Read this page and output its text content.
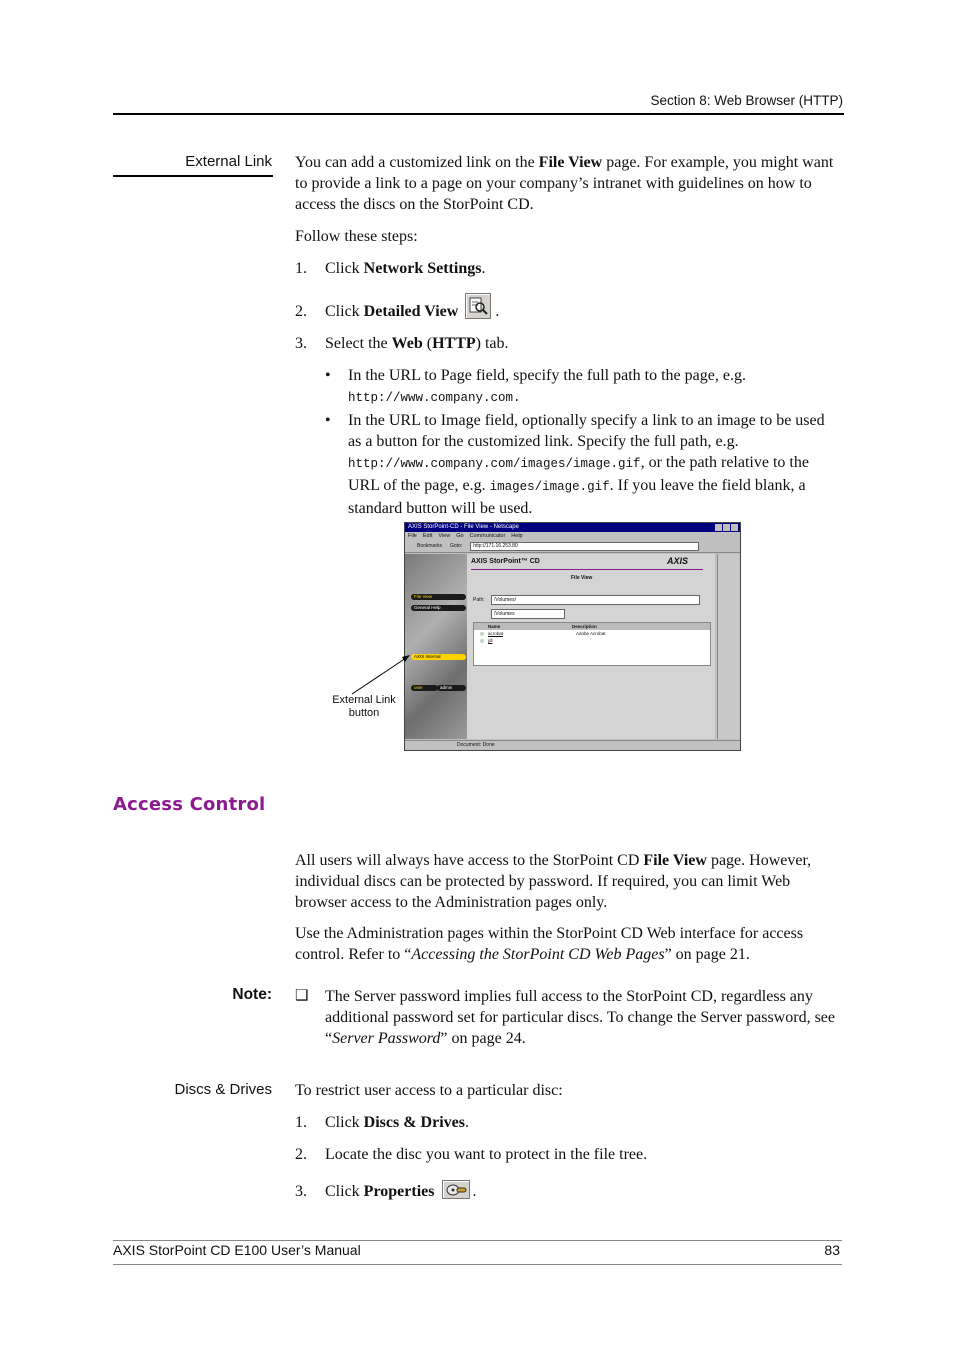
Section 8: Web Browser (HTTP)
External Link You can add a customized link on the File View page. For example, you might want to provide a link to a page on your company’s intranet with guidelines on how to access the discs on the StorPoint CD.

Follow these steps:
1. Click Network Settings.
2. Click Detailed View .
3. Select the Web (HTTP) tab.
• In the URL to Page field, specify the full path to the page, e.g.
http://www.company.com.
• In the URL to Image field, optionally specify a link to an image to be used as a button for the customized link. Specify the full path, e.g. http://www.company.com/images/image.gif, or the path relative to the URL of the page, e.g. images/image.gif. If you leave the field blank, a standard button will be used.
AXIS StorPoint-CD - File View - Netscape
File Edit View Go Communicator Help
Bookmarks Goto:	http://171.16.253.80
File View
General Help
AXIS Internal
user	admin
AXIS StorPoint™ CD	AXIS
File View
Path:	/Volumes/
/Volumes
Name	Description
◎ acrobat	Adobe Acrobat
◎ jdl
Document: Done
External Link button
Access Control

All users will always have access to the StorPoint CD File View page. However, individual discs can be protected by password. If required, you can limit Web browser access to the Administration pages only.

Use the Administration pages within the StorPoint CD Web interface for access control. Refer to “Accessing the StorPoint CD Web Pages” on page 21.

Note: ❑ The Server password implies full access to the StorPoint CD, regardless any additional password set for particular discs. To change the Server password, see “Server Password” on page 24.

Discs & Drives To restrict user access to a particular disc:
1. Click Discs & Drives.
2. Locate the disc you want to protect in the file tree.
3. Click Properties .
AXIS StorPoint CD E100 User’s Manual	83
